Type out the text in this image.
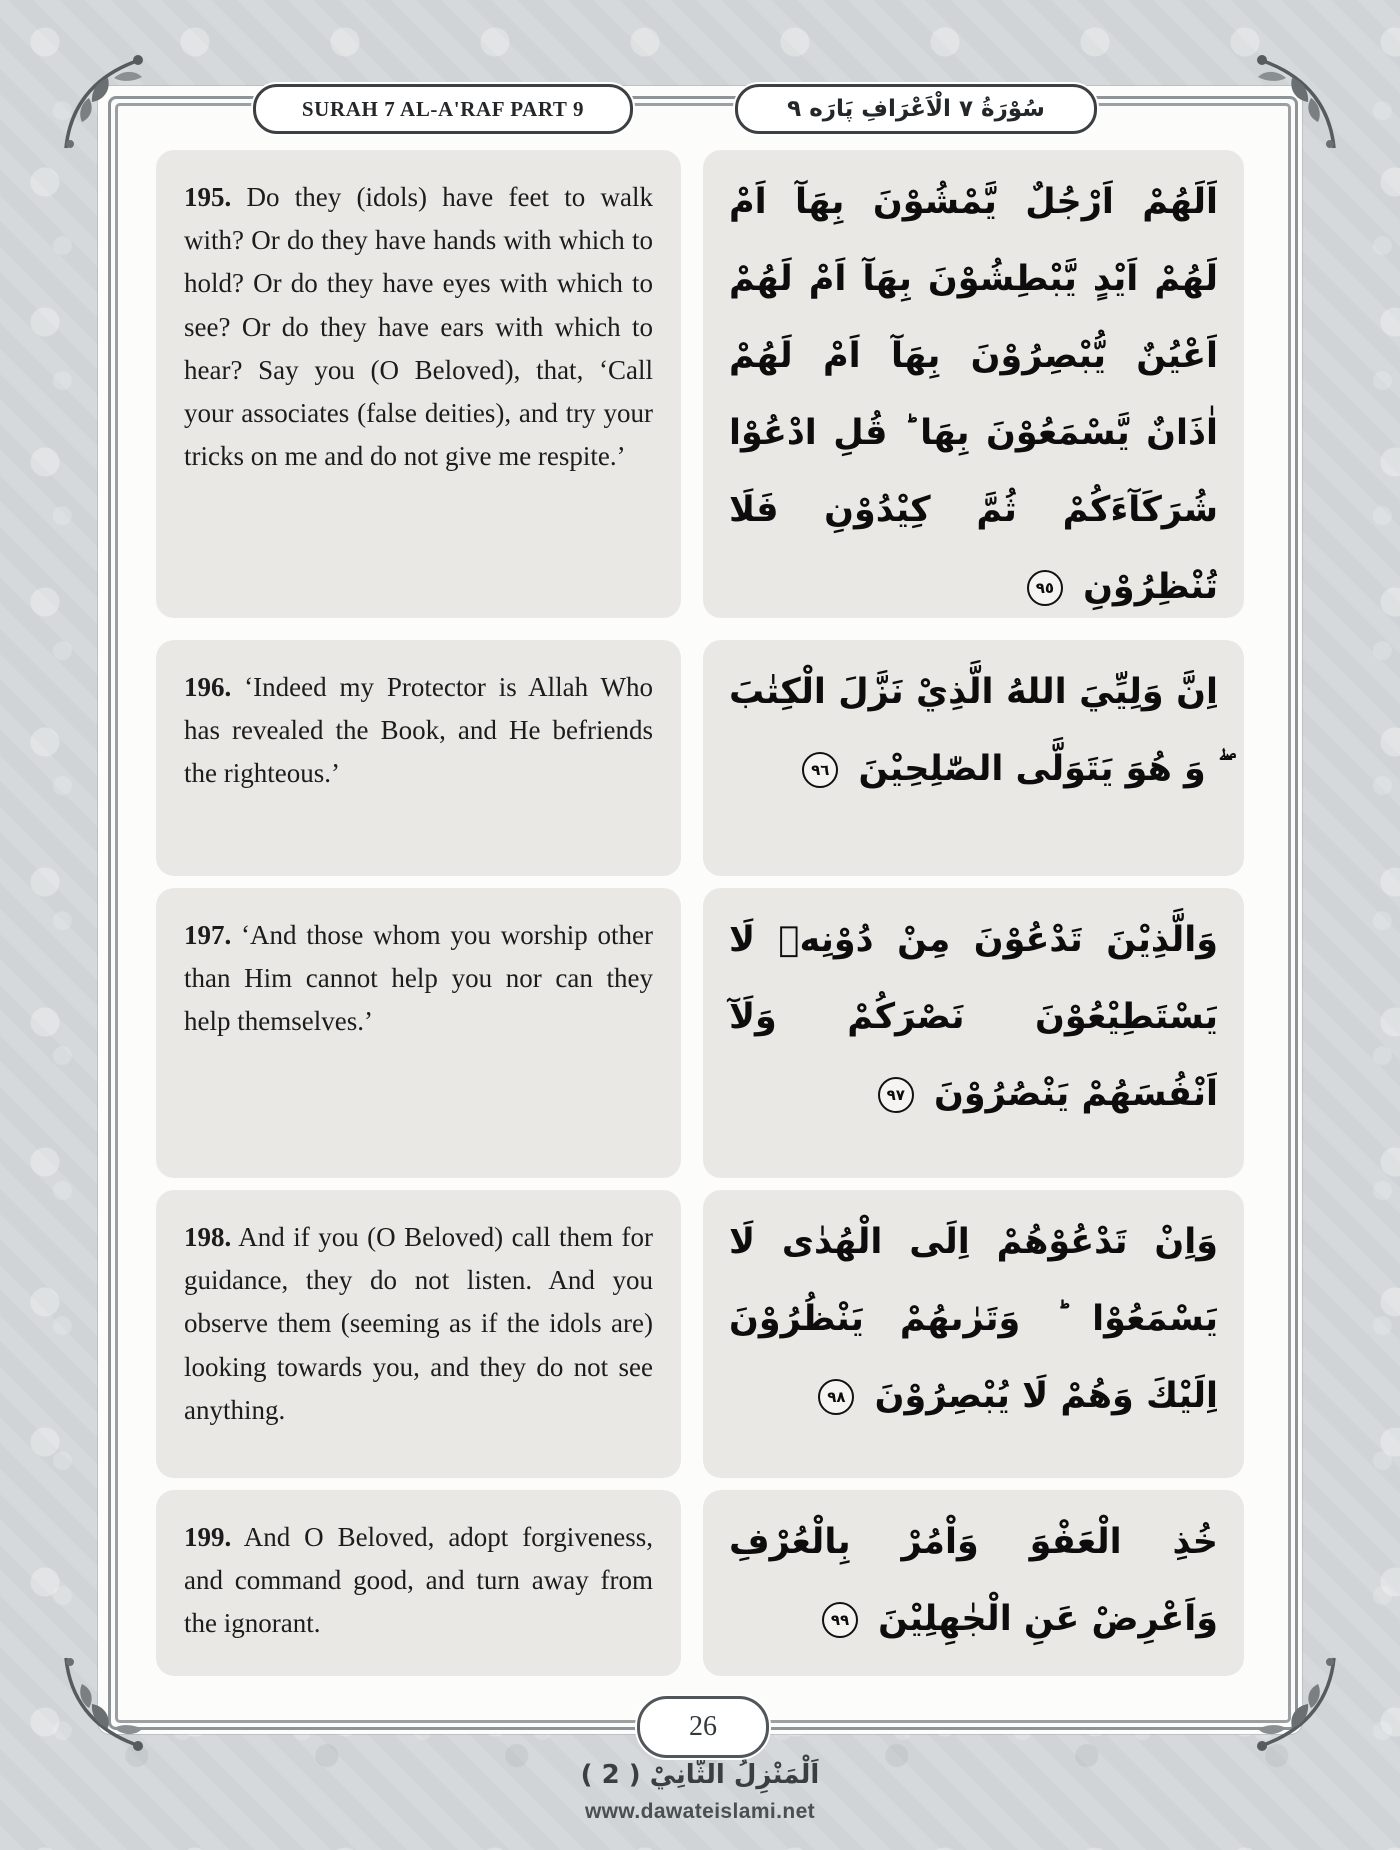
SURAH 7 AL-A'RAF PART 9	سُوْرَةُ ٧ الْاَعْرَافِ پَارَه ٩

195. Do they (idols) have feet to walk with? Or do they have hands with which to hold? Or do they have eyes with which to see? Or do they have ears with which to hear? Say you (O Beloved), that, ‘Call your associates (false deities), and try your tricks on me and do not give me respite.’

اَلَهُمْ اَرْجُلٌ يَّمْشُوْنَ بِهَآ اَمْ لَهُمْ اَيْدٍ يَّبْطِشُوْنَ بِهَآ اَمْ لَهُمْ اَعْيُنٌ يُّبْصِرُوْنَ بِهَآ اَمْ لَهُمْ اٰذَانٌ يَّسْمَعُوْنَ بِهَا ؕ قُلِ ادْعُوْا شُرَكَآءَكُمْ ثُمَّ كِيْدُوْنِ فَلَا تُنْظِرُوْنِ ٩٥

196. ‘Indeed my Protector is Allah Who has revealed the Book, and He befriends the righteous.’

اِنَّ وَلِيِّيَ اللهُ الَّذِيْ نَزَّلَ الْكِتٰبَ ۖ وَ هُوَ يَتَوَلَّى الصّٰلِحِيْنَ ٩٦

197. ‘And those whom you worship other than Him cannot help you nor can they help themselves.’

وَالَّذِيْنَ تَدْعُوْنَ مِنْ دُوْنِهٖ لَا يَسْتَطِيْعُوْنَ نَصْرَكُمْ وَلَآ اَنْفُسَهُمْ يَنْصُرُوْنَ ٩٧

198. And if you (O Beloved) call them for guidance, they do not listen. And you observe them (seeming as if the idols are) looking towards you, and they do not see anything.

وَاِنْ تَدْعُوْهُمْ اِلَى الْهُدٰى لَا يَسْمَعُوْا ؕ وَتَرٰىهُمْ يَنْظُرُوْنَ اِلَيْكَ وَهُمْ لَا يُبْصِرُوْنَ ٩٨

199. And O Beloved, adopt forgiveness, and command good, and turn away from the ignorant.

خُذِ الْعَفْوَ وَاْمُرْ بِالْعُرْفِ وَاَعْرِضْ عَنِ الْجٰهِلِيْنَ ٩٩
26
اَلْمَنْزِلُ الثَّانِيْ ( 2 )
www.dawateislami.net
